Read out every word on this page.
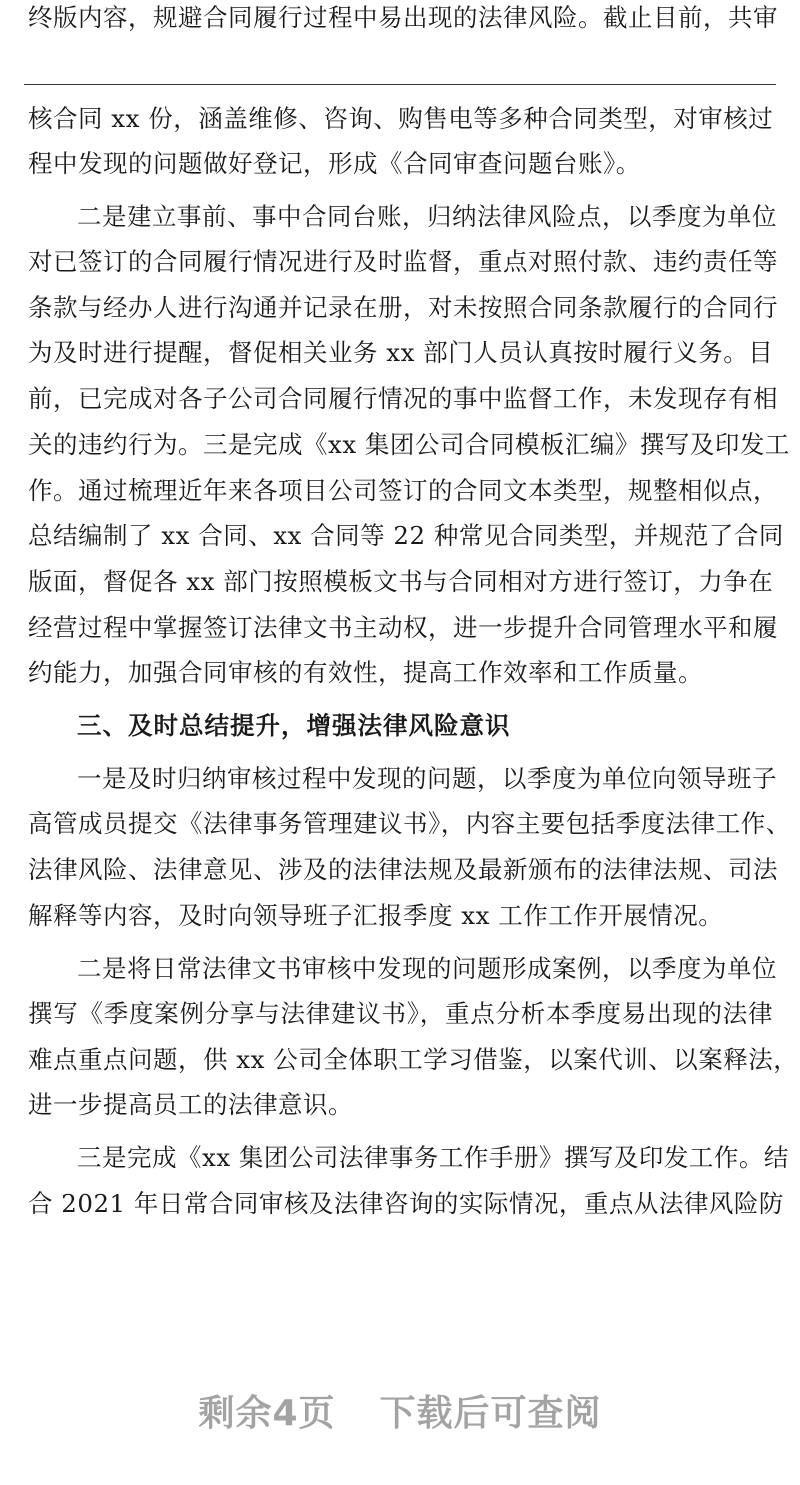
终版内容，规避合同履行过程中易出现的法律风险。截止目前，共审
核合同 xx 份，涵盖维修、咨询、购售电等多种合同类型，对审核过
程中发现的问题做好登记，形成《合同审查问题台账》。
二是建立事前、事中合同台账，归纳法律风险点，以季度为单位
对已签订的合同履行情况进行及时监督，重点对照付款、违约责任等
条款与经办人进行沟通并记录在册，对未按照合同条款履行的合同行
为及时进行提醒，督促相关业务 xx 部门人员认真按时履行义务。目
前，已完成对各子公司合同履行情况的事中监督工作，未发现存有相
关的违约行为。三是完成《xx 集团公司合同模板汇编》撰写及印发工
作。通过梳理近年来各项目公司签订的合同文本类型，规整相似点，
总结编制了 xx 合同、xx 合同等 22 种常见合同类型，并规范了合同
版面，督促各 xx 部门按照模板文书与合同相对方进行签订，力争在
经营过程中掌握签订法律文书主动权，进一步提升合同管理水平和履
约能力，加强合同审核的有效性，提高工作效率和工作质量。
三、及时总结提升，增强法律风险意识
一是及时归纳审核过程中发现的问题，以季度为单位向领导班子
高管成员提交《法律事务管理建议书》，内容主要包括季度法律工作、
法律风险、法律意见、涉及的法律法规及最新颁布的法律法规、司法
解释等内容，及时向领导班子汇报季度 xx 工作工作开展情况。
二是将日常法律文书审核中发现的问题形成案例，以季度为单位
撰写《季度案例分享与法律建议书》，重点分析本季度易出现的法律
难点重点问题，供 xx 公司全体职工学习借鉴，以案代训、以案释法，
进一步提高员工的法律意识。
三是完成《xx 集团公司法律事务工作手册》撰写及印发工作。结
合 2021 年日常合同审核及法律咨询的实际情况，重点从法律风险防
剩余4页 下载后可查阅
